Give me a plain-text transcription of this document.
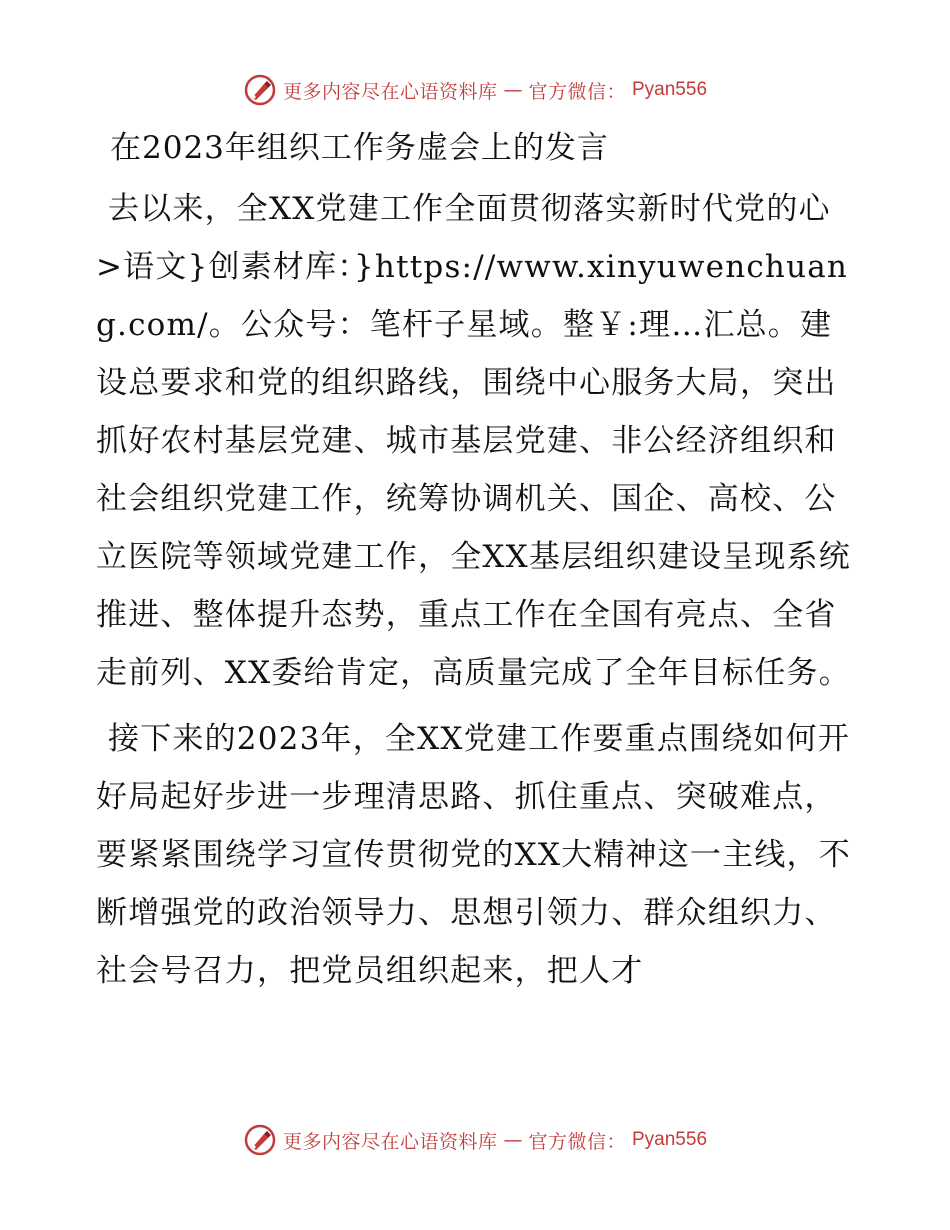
更多内容尽在心语资料库 — 官方微信： Pyan556
在2023年组织工作务虚会上的发言

去以来，全XX党建工作全面贯彻落实新时代党的心>语文}创素材库：}https://www.xinyuwenchuang.com/。公众号：笔杆子星域。整￥:理…汇总。建设总要求和党的组织路线，围绕中心服务大局，突出抓好农村基层党建、城市基层党建、非公经济组织和社会组织党建工作，统筹协调机关、国企、高校、公立医院等领域党建工作，全XX基层组织建设呈现系统推进、整体提升态势，重点工作在全国有亮点、全省走前列、XX委给肯定，高质量完成了全年目标任务。

接下来的2023年，全XX党建工作要重点围绕如何开好局起好步进一步理清思路、抓住重点、突破难点，要紧紧围绕学习宣传贯彻党的XX大精神这一主线，不断增强党的政治领导力、思想引领力、群众组织力、社会号召力，把党员组织起来，把人才

更多内容尽在心语资料库 — 官方微信： Pyan556
